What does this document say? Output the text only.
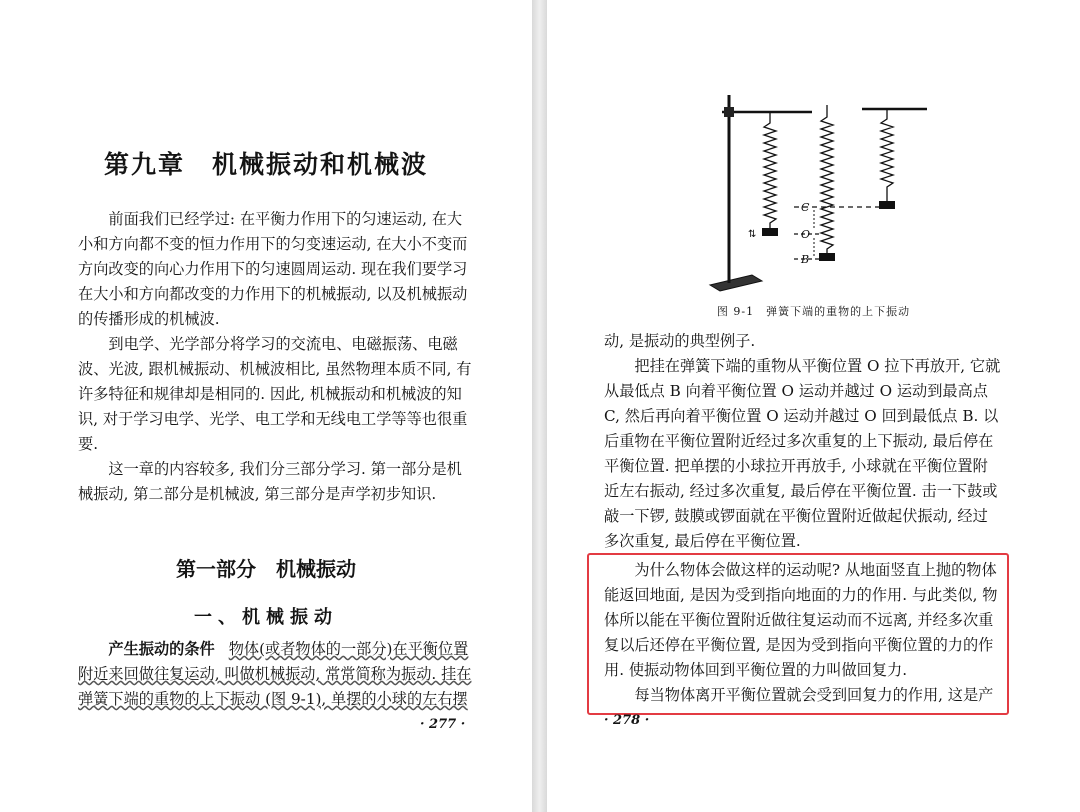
第九章　机械振动和机械波

前面我们已经学过: 在平衡力作用下的匀速运动, 在大小和方向都不变的恒力作用下的匀变速运动, 在大小不变而方向改变的向心力作用下的匀速圆周运动. 现在我们要学习在大小和方向都改变的力作用下的机械振动, 以及机械振动的传播形成的机械波.

到电学、光学部分将学习的交流电、电磁振荡、电磁波、光波, 跟机械振动、机械波相比, 虽然物理本质不同, 有许多特征和规律却是相同的. 因此, 机械振动和机械波的知识, 对于学习电学、光学、电工学和无线电工学等等也很重要.

这一章的内容较多, 我们分三部分学习. 第一部分是机械振动, 第二部分是机械波, 第三部分是声学初步知识.

第一部分　机械振动
一、机械振动

产生振动的条件 物体(或者物体的一部分)在平衡位置附近来回做往复运动, 叫做机械振动, 常常简称为振动. 挂在弹簧下端的重物的上下振动 (图 9-1), 单摆的小球的左右摆

· 277 ·
⇅
C
O
B
图 9-1　弹簧下端的重物的上下振动

动, 是振动的典型例子.

把挂在弹簧下端的重物从平衡位置 O 拉下再放开, 它就从最低点 B 向着平衡位置 O 运动并越过 O 运动到最高点 C, 然后再向着平衡位置 O 运动并越过 O 回到最低点 B. 以后重物在平衡位置附近经过多次重复的上下振动, 最后停在平衡位置. 把单摆的小球拉开再放手, 小球就在平衡位置附近左右振动, 经过多次重复, 最后停在平衡位置. 击一下鼓或敲一下锣, 鼓膜或锣面就在平衡位置附近做起伏振动, 经过多次重复, 最后停在平衡位置.

为什么物体会做这样的运动呢? 从地面竖直上抛的物体能返回地面, 是因为受到指向地面的力的作用. 与此类似, 物体所以能在平衡位置附近做往复运动而不远离, 并经多次重复以后还停在平衡位置, 是因为受到指向平衡位置的力的作用. 使振动物体回到平衡位置的力叫做回复力.

每当物体离开平衡位置就会受到回复力的作用, 这是产

· 278 ·
